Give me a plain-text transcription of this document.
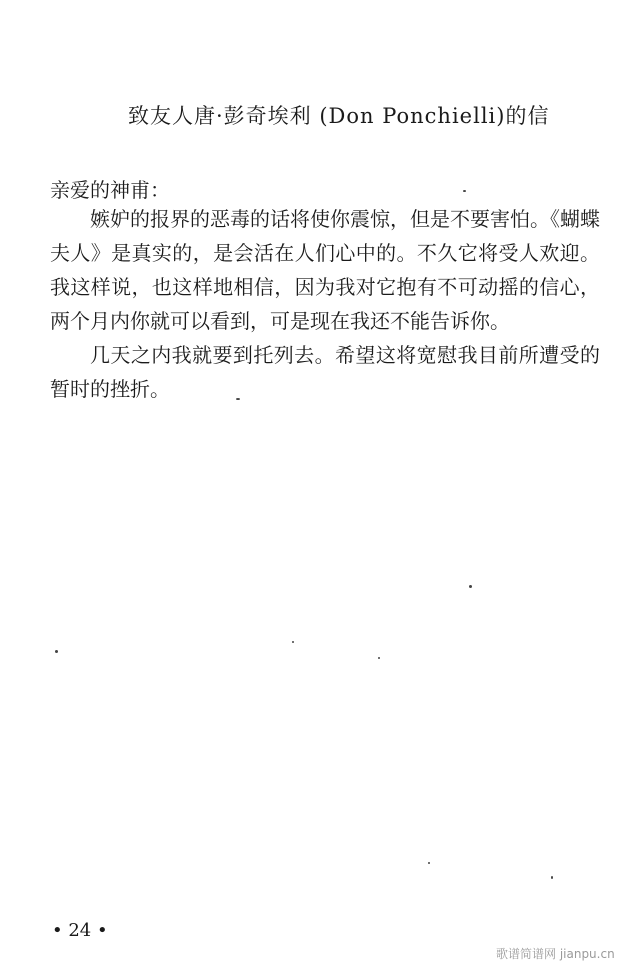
致友人唐·彭奇埃利 (Don Ponchielli)的信
亲爱的神甫：

嫉妒的报界的恶毒的话将使你震惊，但是不要害怕。《蝴蝶夫人》是真实的，是会活在人们心中的。不久它将受人欢迎。我这样说，也这样地相信，因为我对它抱有不可动摇的信心，两个月内你就可以看到，可是现在我还不能告诉你。

几天之内我就要到托列去。希望这将宽慰我目前所遭受的暂时的挫折。

• 24 •
歌谱简谱网 jianpu.cn
